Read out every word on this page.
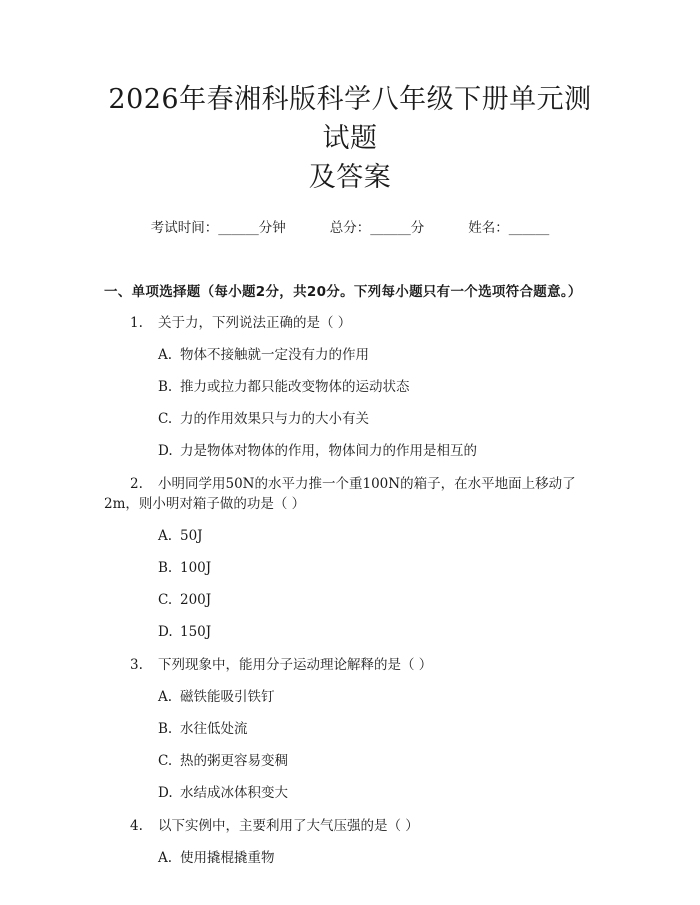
2026年春湘科版科学八年级下册单元测试题
及答案
考试时间： ______ 分钟	总分： ______ 分	姓名： ______
一、单项选择题（每小题2分，共20分。下列每小题只有一个选项符合题意。）
1. 关于力，下列说法正确的是（ ）
A. 物体不接触就一定没有力的作用
B. 推力或拉力都只能改变物体的运动状态
C. 力的作用效果只与力的大小有关
D. 力是物体对物体的作用，物体间力的作用是相互的
2. 小明同学用50N的水平力推一个重100N的箱子，在水平地面上移动了
2m，则小明对箱子做的功是（ ）
A. 50J
B. 100J
C. 200J
D. 150J
3. 下列现象中，能用分子运动理论解释的是（ ）
A. 磁铁能吸引铁钉
B. 水往低处流
C. 热的粥更容易变稠
D. 水结成冰体积变大
4. 以下实例中，主要利用了大气压强的是（ ）
A. 使用撬棍撬重物
